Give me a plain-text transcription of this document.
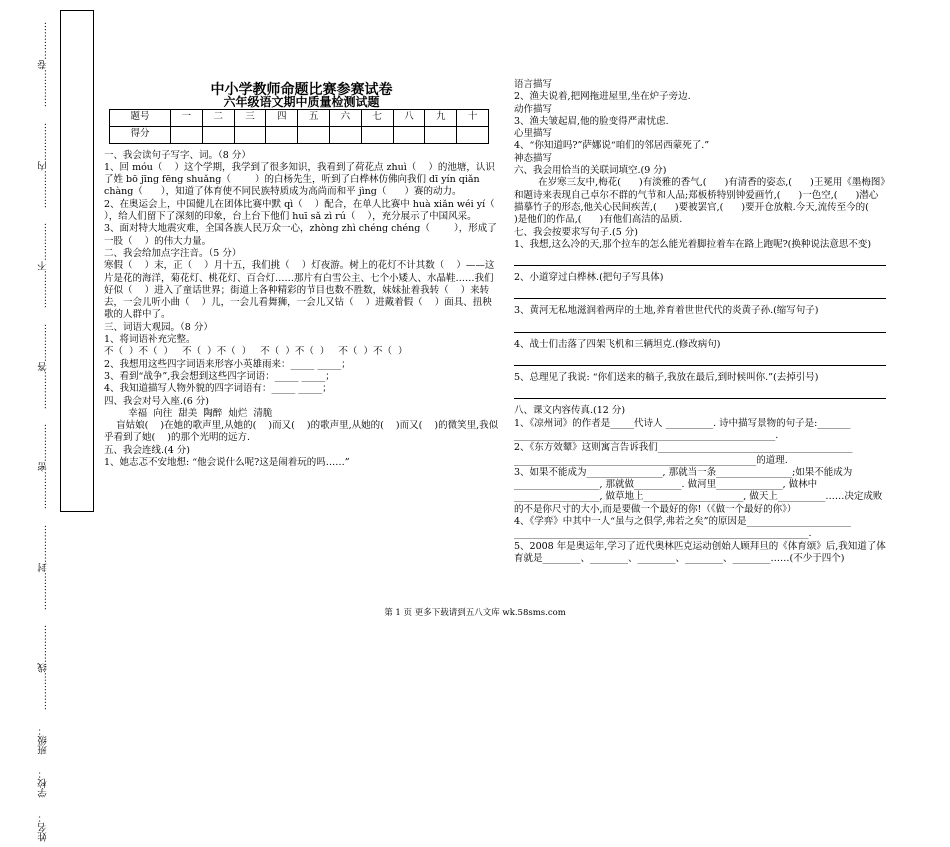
姓名： 学校： 班级： …………线………… …………封………… …………密………… …………答………… …………不………… …………内………… …………卷…………	中小学教师命题比赛参赛试卷

六年级语文期中质量检测试题

题号	一	二	三	四	五	六	七	八	九	十
得分										

一、我会读句子写字、词。（8 分）

1、回 móu（    ）这个学期，我学到了很多知识，我看到了荷花点 zhuì（    ）的池塘，认识了姓 bō jīng fēng shuǎng（        ）的白杨先生，听到了白桦林仿佛向我们 dī yín qiǎn chàng（      ），知道了体育使不同民族特质成为高尚而和平 jìng（      ）赛的动力。

2、在奥运会上，中国健儿在团体比赛中默 qì（    ）配合，在单人比赛中 huà xiǎn wéi yí（    ），给人们留下了深刻的印象，台上台下他们 huī sǎ zì rú（    ），充分展示了中国风采。

3、面对特大地震灾难，全国各族人民万众一心，zhòng zhì chéng chéng（        ），形成了一股（    ）的伟大力量。

二、我会给加点字注音。（5 分）

寒假（    ）末，正（    ）月十五，我们挑（    ）灯夜游。树上的花灯不计其数（    ）——这片是花的海洋，菊花灯、桃花灯、百合灯……那片有白雪公主、七个小矮人、水晶鞋……我们好似（    ）进入了童话世界；街道上各种精彩的节目也数不胜数，妹妹扯着我转（    ）来转去，一会儿听小曲（    ）儿，一会儿看舞狮，一会儿又钻（    ）进戴着假（    ）面具、扭秧歌的人群中了。

三、词语大观园。（8 分）

1、将词语补充完整。

不（  ）不（  ）   不（  ）不（  ）   不（  ）不（  ）   不（  ）不（  ）

2、我想用这些四字词语来形容小英雄雨来：_____ _____；

3、看到“战争”,我会想到这些四字词语：_____ _____；

4、我知道描写人物外貌的四字词语有：_____ _____；

四、我会对号入座.(6 分)

幸福  向往  甜美  陶醉  灿烂  清脆

盲姑娘(    )在她的歌声里,从她的(    )而又(    )的歌声里,从她的(    )而又(    )的微笑里,我似乎看到了她(    )的那个光明的远方.

五、我会连线.(4 分)

1、她志忑不安地想: “他会说什么呢?这是闹着玩的吗……”

语言描写

2、渔夫说着,把网拖进屋里,坐在炉子旁边.

动作描写

3、渔夫皱起眉,他的脸变得严肃忧虑.

心里描写

4、“你知道吗?”萨娜说“咱们的邻居西蒙死了.”

神态描写

六、我会用恰当的关联词填空.(9 分)

在岁寒三友中,梅花(      )有淡雅的香气,(      )有清香的姿态,(      )王冕用《墨梅图》和题诗来表现自己卓尔不群的气节和人品;郑板桥特别钟爱画竹,(      )一色空,(      )潜心描摹竹子的形态,他关心民间疾苦,(      )要被罢官,(      )要开仓放粮.今天,流传至今的(      )是他们的作品,(      )有他们高洁的品质.

七、我会按要求写句子.(5 分)

1、我想,这么冷的天,那个拉车的怎么能光着脚拉着车在路上跑呢?(换种说法意思不变)

2、小道穿过白桦林.(把句子写具体)

3、黄河无私地滋润着两岸的土地,养育着世世代代的炎黄子孙.(缩写句子)

4、战士们击落了四架飞机和三辆坦克.(修改病句)

5、总理见了我说: “你们送来的稿子,我放在最后,到时候叫你.”(去掉引号)

八、课文内容传真.(12 分)

1、《凉州词》的作者是_____代诗人 __________. 诗中描写景物的句子是:_______ _______________________________________________________.

2、《东方效颦》这则寓言告诉我们_________________________________________ ___________________________________________________的道理.

3、如果不能成为________________, 那就当一条________________;如果不能成为__________________, 那就做__________. 做河里______________, 做林中__________________, 做草地上_____________________, 做天上__________……决定成败的不是你尺寸的大小,而是要做一个最好的你!（《做一个最好的你》）

4、《学弈》中其中一人“虽与之俱学,弗若之矣”的原因是______________________ ______________________________________________________________.

5、2008 年是奥运年,学习了近代奥林匹克运动创始人顾拜旦的《体育颂》后,我知道了体育就是________、________、________、________、________……(不少于四个)

第 1 页 更多下载请到五八文库 wk.58sms.com
